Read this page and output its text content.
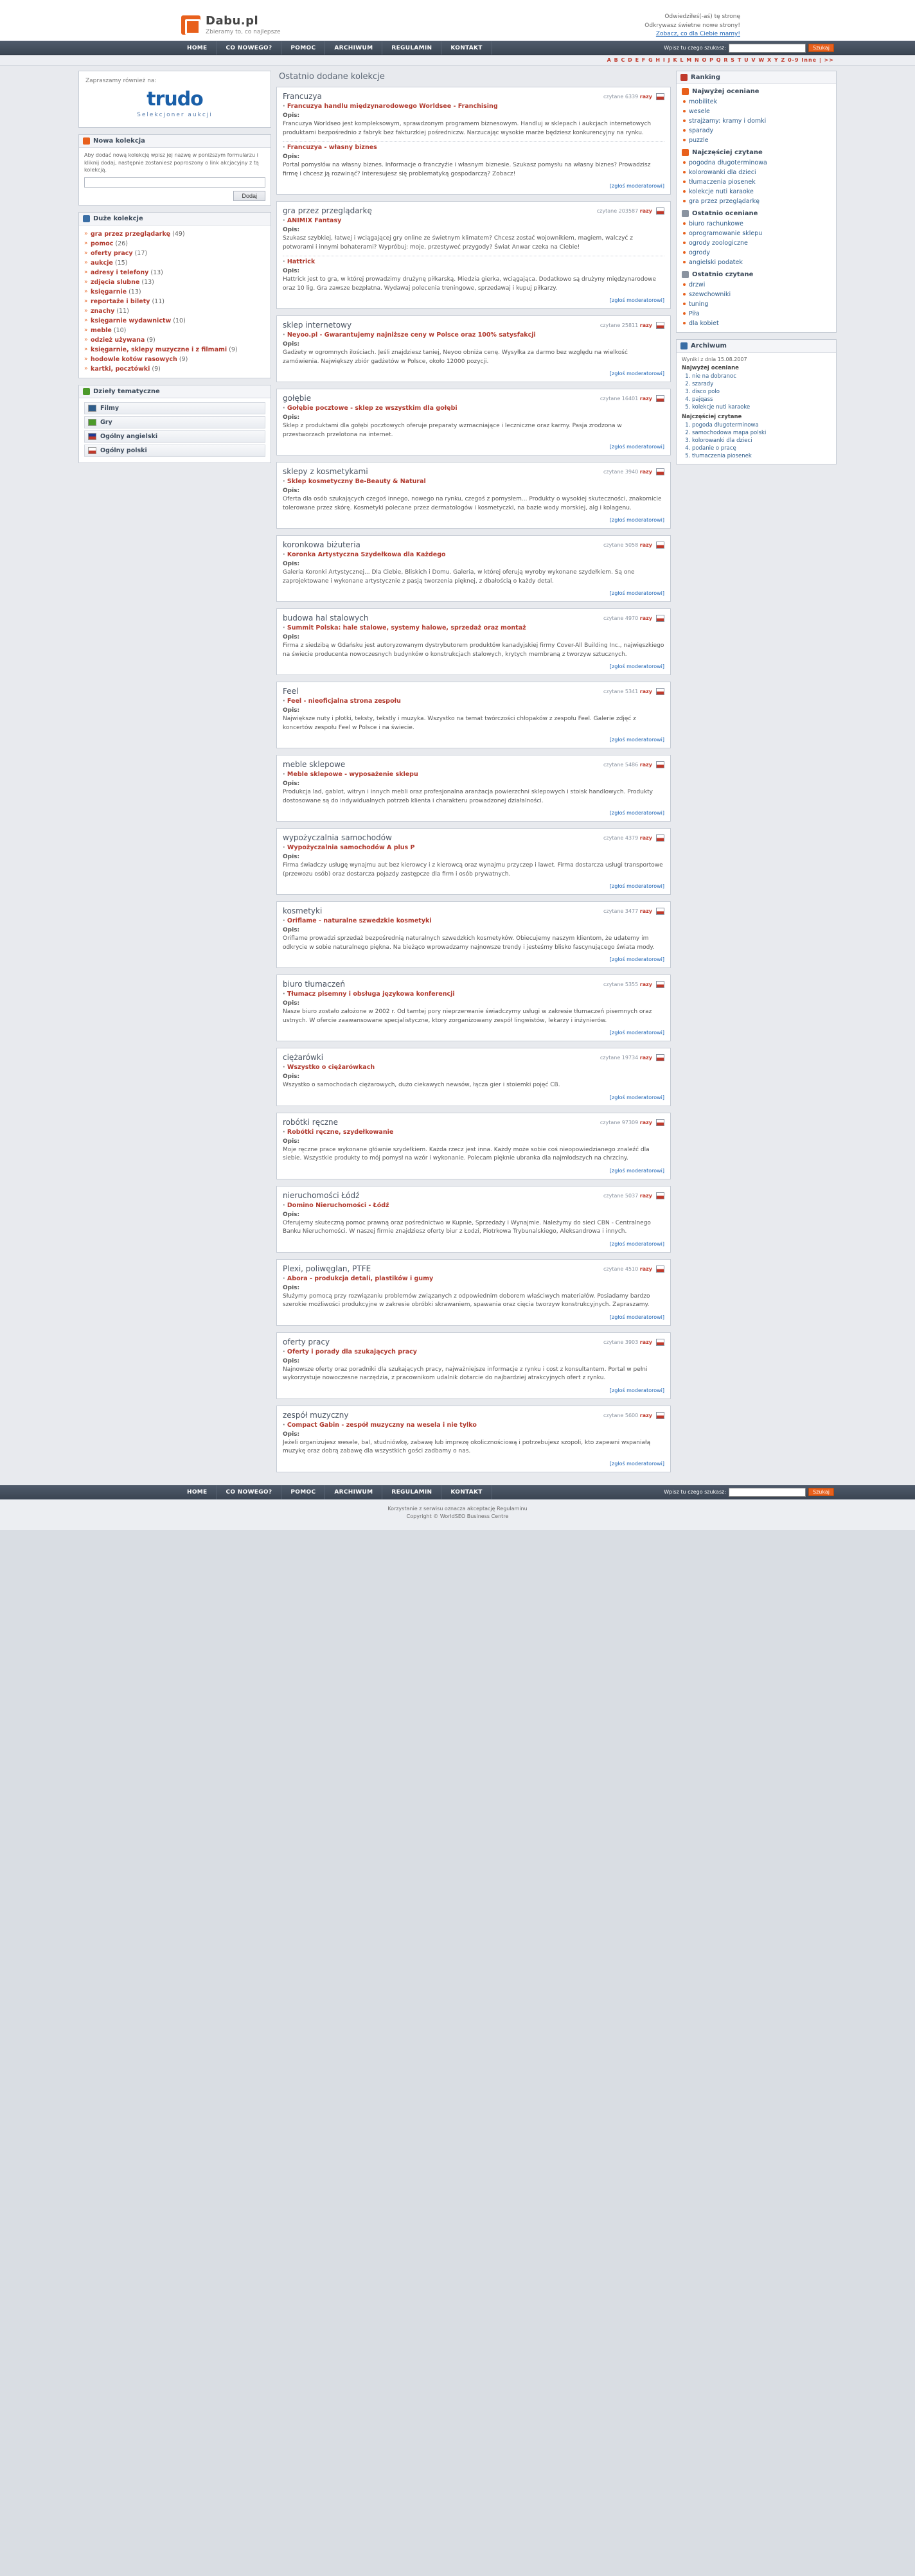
Dabu.pl
Zbieramy to, co najlepsze
Odwiedziłeś(-aś) tę stronę
Odkrywasz świetne nowe strony!
Zobacz, co dla Ciebie mamy!
HOME	CO NOWEGO?	POMOC	ARCHIWUM	REGULAMIN	KONTAKT	Wpisz tu czego szukasz:	Szukaj
A B C D E F G H I J K L M N O P Q R S T U V W X Y Z 0-9 Inne | >>
Zapraszamy również na:
trudo
Selekcjoner aukcji
Nowa kolekcja
Aby dodać nową kolekcję wpisz jej nazwę w poniższym formularzu i kliknij dodaj, następnie zostaniesz poproszony o link akcjacyjny z tą kolekcją.
Dodaj
Duże kolekcje
» gra przez przeglądarkę (49)
» pomoc (26)
» oferty pracy (17)
» aukcje (15)
» adresy i telefony (13)
» zdjęcia slubne (13)
» księgarnie (13)
» reportaże i bilety (11)
» znachy (11)
» księgarnie wydawnictw (10)
» meble (10)
» odzież używana (9)
» księgarnie, sklepy muzyczne i z filmami (9)
» hodowle kotów rasowych (9)
» kartki, pocztówki (9)
Dzieły tematyczne
Filmy
Gry
Ogólny angielski
Ogólny polski
Ostatnio dodane kolekcje
Francuzya	czytane 6339 razy
· Francuzya handlu międzynarodowego Worldsee - Franchising
Opis:
Francuzya Worldseo jest kompleksowym, sprawdzonym programem biznesowym. Handluj w sklepach i aukcjach internetowych produktami bezpośrednio z fabryk bez fakturzkiej pośredniczw. Narzucając wysokie marże będziesz konkurencyjny na rynku.
· Francuzya - własny biznes
Opis:
Portal pomysłów na własny biznes. Informacje o franczyźie i własnym biznesie. Szukasz pomysłu na własny biznes? Prowadzisz firmę i chcesz ją rozwinąć? Interesujesz się problematyką gospodarczą? Zobacz!
[zgłoś moderatorowi]
gra przez przeglądarkę	czytane 203587 razy
· ANIMIX Fantasy
Opis:
Szukasz szybkiej, łatwej i wciągającej gry online ze świetnym klimatem? Chcesz zostać wojownikiem, magiem, walczyć z potworami i innymi bohaterami? Wypróbuj: moje, przestyweć przygody? Świat Anwar czeka na Ciebie!
· Hattrick
Opis:
Hattrick jest to gra, w której prowadzimy drużynę piłkarską. Miedzia gierka, wciągająca. Dodatkowo są drużyny międzynarodowe oraz 10 lig. Gra zawsze bezpłatna. Wydawaj polecenia treningowe, sprzedawaj i kupuj piłkarzy.
[zgłoś moderatorowi]
sklep internetowy	czytane 25811 razy
· Neyoo.pl - Gwarantujemy najniższe ceny w Polsce oraz 100% satysfakcji
Opis:
Gadżety w ogromnych ilościach. Jeśli znajdziesz taniej, Neyoo obniża cenę. Wysyłka za darmo bez względu na wielkość zamówienia. Największy zbiór gadżetów w Polsce, około 12000 pozycji.
[zgłoś moderatorowi]
gołębie	czytane 16401 razy
· Gołębie pocztowe - sklep ze wszystkim dla gołębi
Opis:
Sklep z produktami dla gołębi pocztowych oferuje preparaty wzmacniające i leczniczne oraz karmy. Pasja zrodzona w przestworzach przelotona na internet.
[zgłoś moderatorowi]
sklepy z kosmetykami	czytane 3940 razy
· Sklep kosmetyczny Be-Beauty & Natural
Opis:
Oferta dla osób szukających czegoś innego, nowego na rynku, czegoś z pomysłem... Produkty o wysokiej skuteczności, znakomicie tolerowane przez skórę. Kosmetyki polecane przez dermatologów i kosmetyczki, na bazie wody morskiej, alg i kolagenu.
[zgłoś moderatorowi]
koronkowa biżuteria	czytane 5058 razy
· Koronka Artystyczna Szydełkowa dla Każdego
Opis:
Galeria Koronki Artystycznej... Dla Ciebie, Bliskich i Domu. Galeria, w której oferują wyroby wykonane szydełkiem. Są one zaprojektowane i wykonane artystycznie z pasją tworzenia pięknej, z dbałością o każdy detal.
[zgłoś moderatorowi]
budowa hal stalowych	czytane 4970 razy
· Summit Polska: hale stalowe, systemy halowe, sprzedaż oraz montaż
Opis:
Firma z siedzibą w Gdańsku jest autoryzowanym dystrybutorem produktów kanadyjskiej firmy Cover-All Building Inc., najwięszkiego na świecie producenta nowoczesnych budynków o konstrukcjach stalowych, krytych membraną z tworzyw sztucznych.
[zgłoś moderatorowi]
Feel	czytane 5341 razy
· Feel - nieoficjalna strona zespołu
Opis:
Największe nuty i płotki, teksty, tekstly i muzyka. Wszystko na temat twórczości chłopaków z zespołu Feel. Galerie zdjęć z koncertów zespołu Feel w Polsce i na świecie.
[zgłoś moderatorowi]
meble sklepowe	czytane 5486 razy
· Meble sklepowe - wyposażenie sklepu
Opis:
Produkcja lad, gablot, witryn i innych mebli oraz profesjonalna aranżacja powierzchni sklepowych i stoisk handlowych. Produkty dostosowane są do indywidualnych potrzeb klienta i charakteru prowadzonej działalności.
[zgłoś moderatorowi]
wypożyczalnia samochodów	czytane 4379 razy
· Wypożyczalnia samochodów A plus P
Opis:
Firma świadczy usługę wynajmu aut bez kierowcy i z kierowcą oraz wynajmu przyczep i lawet. Firma dostarcza usługi transportowe (przewozu osób) oraz dostarcza pojazdy zastępcze dla firm i osób prywatnych.
[zgłoś moderatorowi]
kosmetyki	czytane 3477 razy
· Oriflame - naturalne szwedzkie kosmetyki
Opis:
Oriflame prowadzi sprzedaż bezpośrednią naturalnych szwedzkich kosmetyków. Obiecujemy naszym klientom, że udatemy im odkrycie w sobie naturalnego piękna. Na bieżąco wprowadzamy najnowsze trendy i jesteśmy blisko fascynującego świata mody.
[zgłoś moderatorowi]
biuro tłumaczeń	czytane 5355 razy
· Tłumacz pisemny i obsługa językowa konferencji
Opis:
Nasze biuro zostało założone w 2002 r. Od tamtej pory nieprzerwanie świadczymy usługi w zakresie tłumaczeń pisemnych oraz ustnych. W ofercie zaawansowane specjalistyczne, ktory zorganizowany zespół lingwistów, lekarzy i inżynierów.
[zgłoś moderatorowi]
ciężarówki	czytane 19734 razy
· Wszystko o ciężarówkach
Opis:
Wszystko o samochodach ciężarowych, dużo ciekawych newsów, łącza gier i stoiemki pojęć CB.
[zgłoś moderatorowi]
robótki ręczne	czytane 97309 razy
· Robótki ręczne, szydełkowanie
Opis:
Moje ręczne prace wykonane głównie szydełkiem. Każda rzecz jest inna. Każdy może sobie coś nieopowiedzianego znaleźć dla siebie. Wszystkie produkty to mój pomysł na wzór i wykonanie. Polecam pięknie ubranka dla najmłodszych na chrzciny.
[zgłoś moderatorowi]
nieruchomości Łódź	czytane 5037 razy
· Domino Nieruchomości - Łódź
Opis:
Oferujemy skuteczną pomoc prawną oraz pośrednictwo w Kupnie, Sprzedaży i Wynajmie. Należymy do sieci CBN - Centralnego Banku Nieruchomości. W naszej firmie znajdziesz oferty biur z Łodzi, Piotrkowa Trybunalskiego, Aleksandrowa i innych.
[zgłoś moderatorowi]
Plexi, poliwęglan, PTFE	czytane 4510 razy
· Abora - produkcja detali, plastików i gumy
Opis:
Służymy pomocą przy rozwiązaniu problemów związanych z odpowiednim doborem właściwych materiałów. Posiadamy bardzo szerokie możliwości produkcyjne w zakresie obróbki skrawaniem, spawania oraz cięcia tworzyw konstrukcyjnych. Zapraszamy.
[zgłoś moderatorowi]
oferty pracy	czytane 3903 razy
· Oferty i porady dla szukających pracy
Opis:
Najnowsze oferty oraz poradniki dla szukających pracy, najważniejsze informacje z rynku i cost z konsultantem. Portal w pełni wykorzystuje nowoczesne narzędzia, z pracownikom udalnik dotarcie do najbardziej atrakcyjnych ofert z rynku.
[zgłoś moderatorowi]
zespół muzyczny	czytane 5600 razy
· Compact Gabin - zespół muzyczny na wesela i nie tylko
Opis:
Jeżeli organizujesz wesele, bal, studniówkę, zabawę lub imprezę okolicznościową i potrzebujesz szopoli, kto zapewni wspaniałą muzykę oraz dobrą zabawę dla wszystkich gości zadbamy o nas.
[zgłoś moderatorowi]
Ranking
Najwyżej oceniane
mobilitek
wesele
strajżamy: kramy i domki
sparady
puzzle
Najczęściej czytane
pogodna długoterminowa
kolorowanki dla dzieci
tłumaczenia piosenek
kolekcje nuti karaoke
gra przez przeglądarkę
Ostatnio oceniane
biuro rachunkowe
oprogramowanie sklepu
ogrody zoologiczne
ogrody
angielski podatek
Ostatnio czytane
drzwi
szewchowniki
tuning
Piła
dla kobiet
Archiwum
Wyniki z dnia 15.08.2007
Najwyżej oceniane
1. nie na dobranoc
2. szarady
3. disco polo
4. pajqass
5. kolekcje nuti karaoke
Najczęściej czytane
1. pogoda długoterminowa
2. samochodowa mapa polski
3. kolorowanki dla dzieci
4. podanie o pracę
5. tłumaczenia piosenek
HOME	CO NOWEGO?	POMOC	ARCHIWUM	REGULAMIN	KONTAKT	Wpisz tu czego szukasz:	Szukaj
Korzystanie z serwisu oznacza akceptację Regulaminu
Copyright © WorldSEO Business Centre
